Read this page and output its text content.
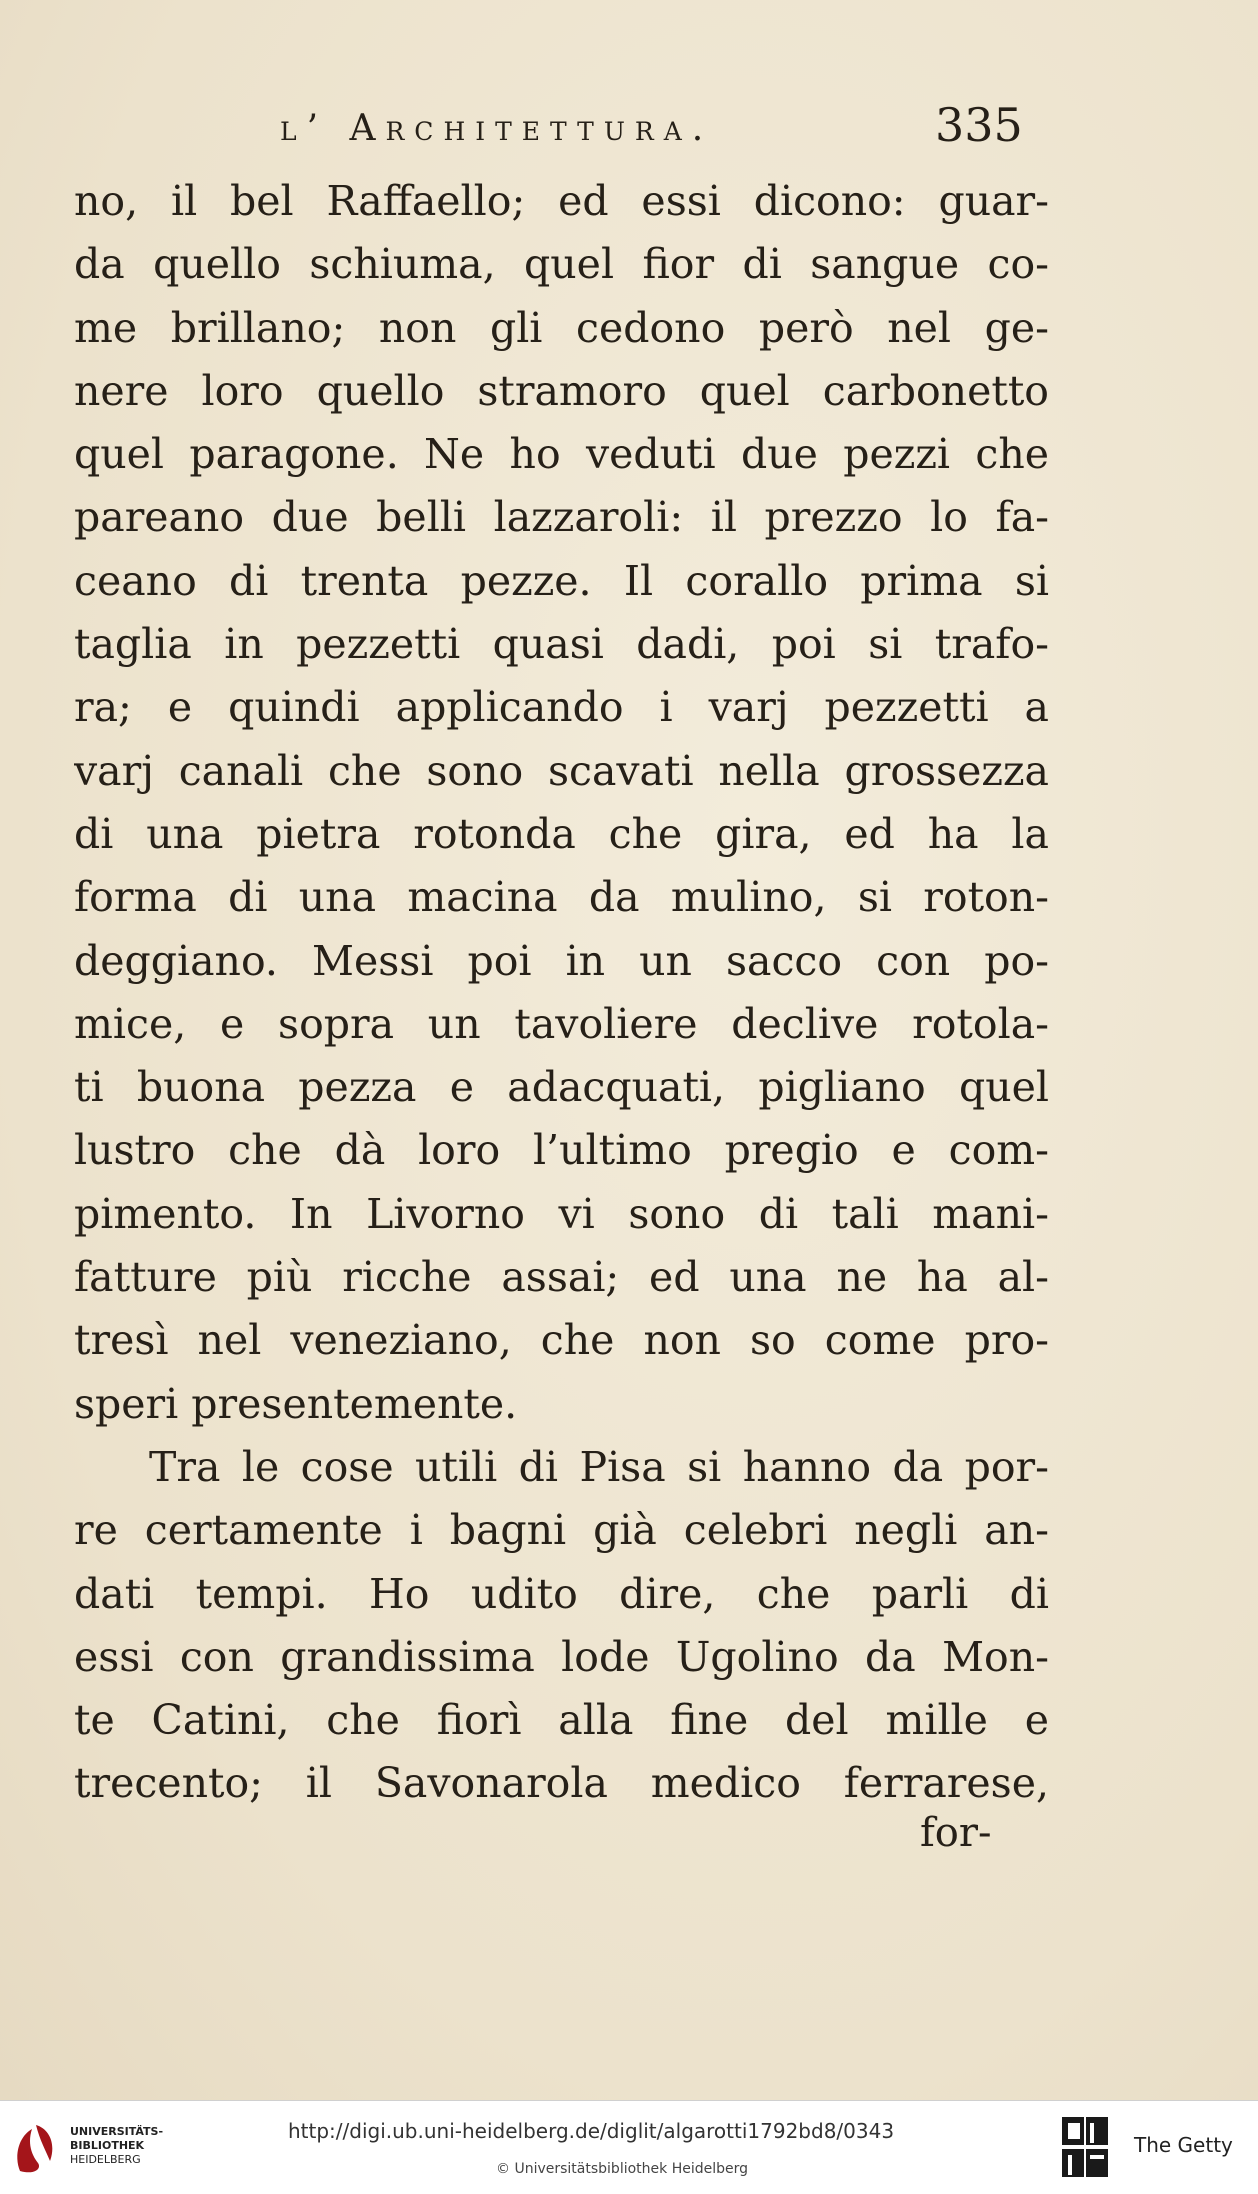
l’ Architettura.	335
no, il bel Raffaello; ed essi dicono: guar-
da quello schiuma, quel fior di sangue co-
me brillano; non gli cedono però nel ge-
nere loro quello stramoro quel carbonetto
quel paragone. Ne ho veduti due pezzi che
pareano due belli lazzaroli: il prezzo lo fa-
ceano di trenta pezze. Il corallo prima si
taglia in pezzetti quasi dadi, poi si trafo-
ra; e quindi applicando i varj pezzetti a
varj canali che sono scavati nella grossezza
di una pietra rotonda che gira, ed ha la
forma di una macina da mulino, si roton-
deggiano. Messi poi in un sacco con po-
mice, e sopra un tavoliere declive rotola-
ti buona pezza e adacquati, pigliano quel
lustro che dà loro l’ultimo pregio e com-
pimento. In Livorno vi sono di tali mani-
fatture più ricche assai; ed una ne ha al-
tresì nel veneziano, che non so come pro-
speri presentemente.
Tra le cose utili di Pisa si hanno da por-
re certamente i bagni già celebri negli an-
dati tempi. Ho udito dire, che parli di
essi con grandissima lode Ugolino da Mon-
te Catini, che fiorì alla fine del mille e
trecento; il Savonarola medico ferrarese,
for-
UNIVERSITÄTS-
BIBLIOTHEK
HEIDELBERG
http://digi.ub.uni-heidelberg.de/diglit/algarotti1792bd8/0343
© Universitätsbibliothek Heidelberg
The Getty
